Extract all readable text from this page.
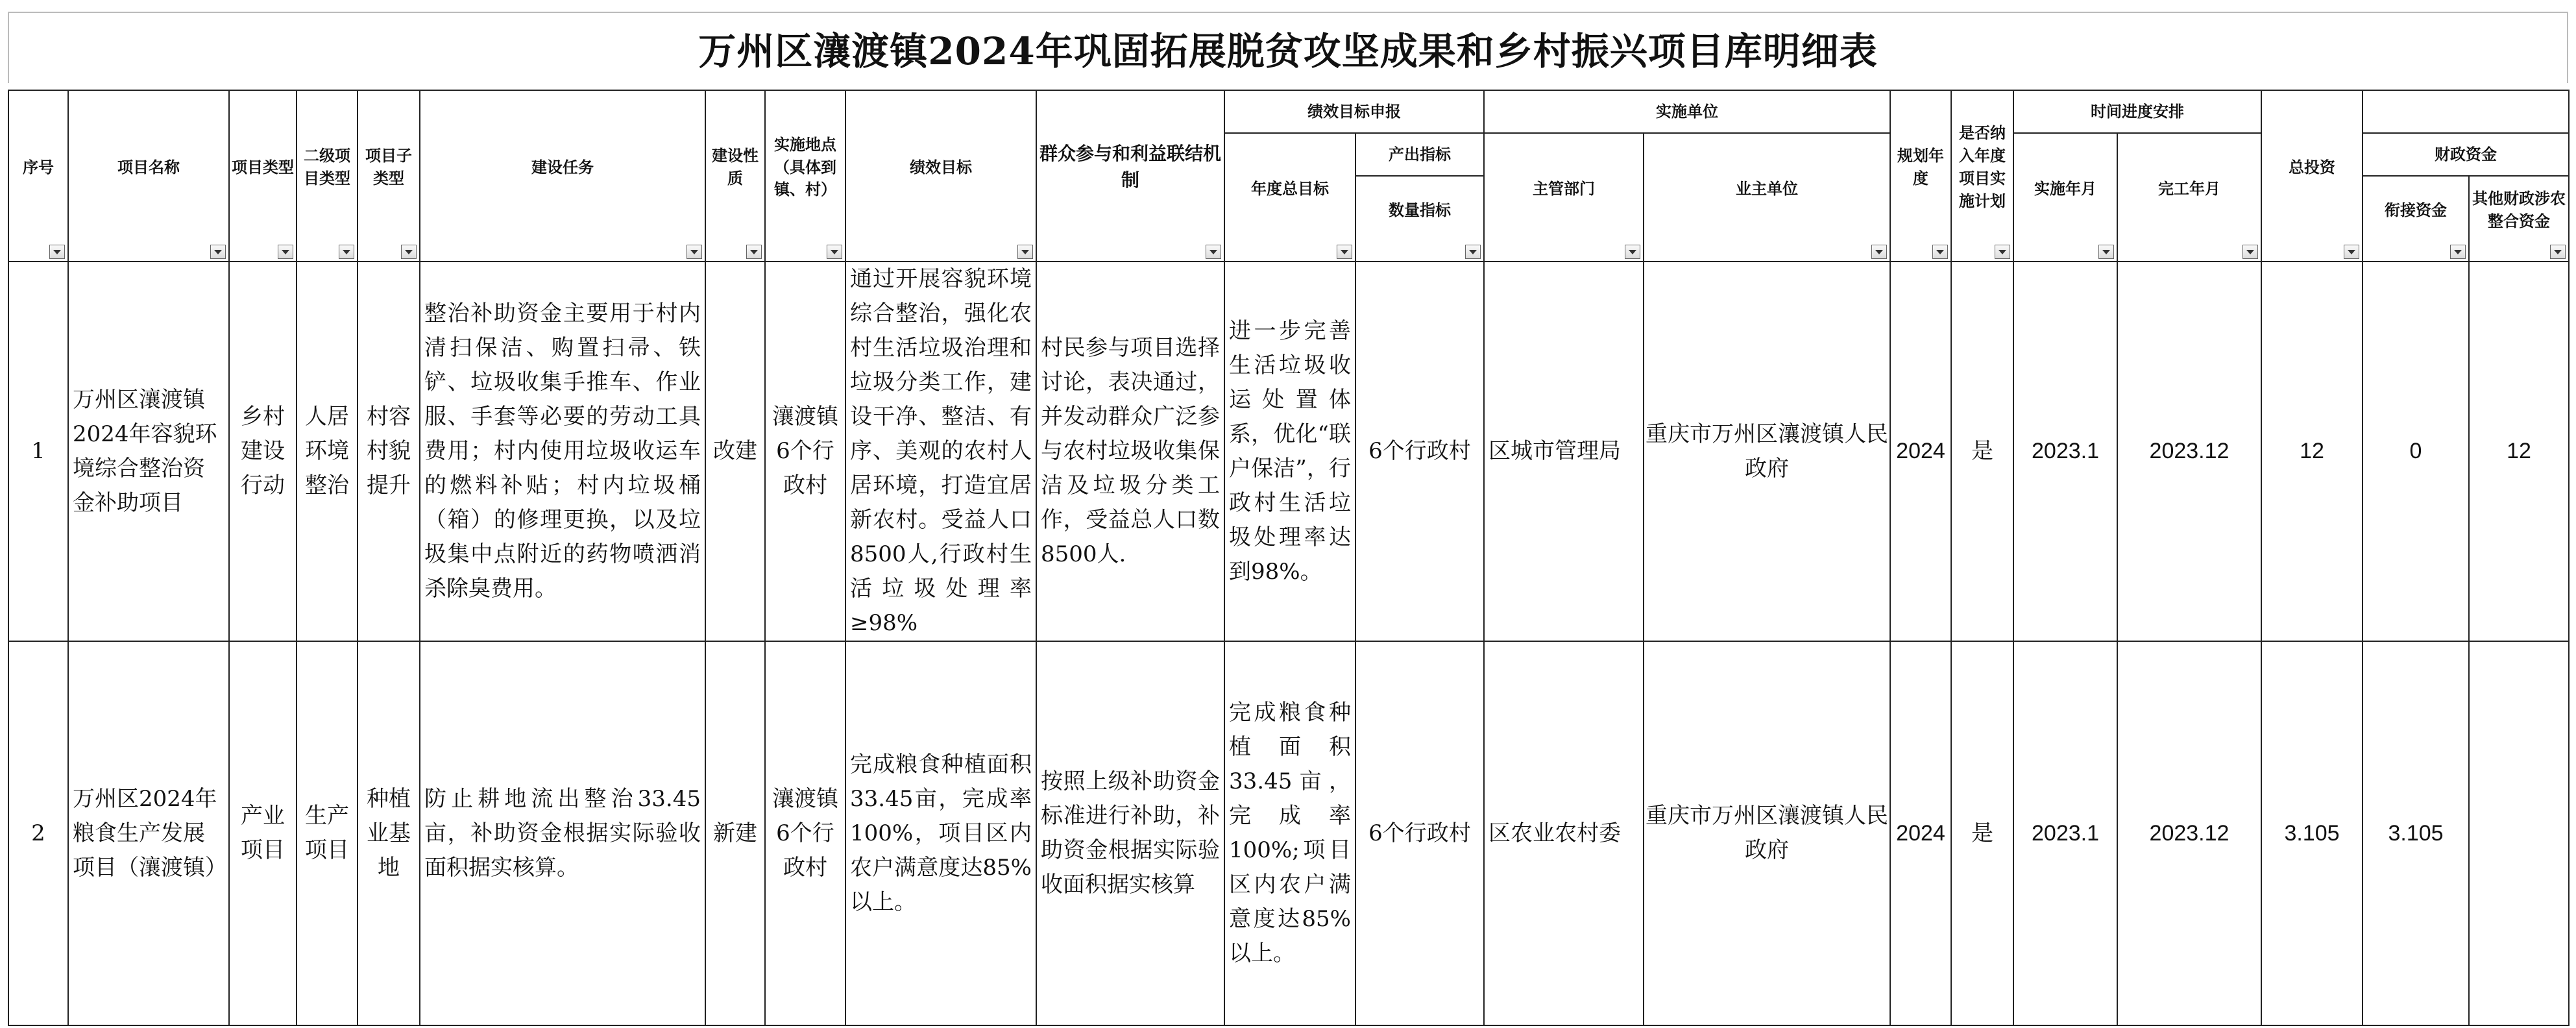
万州区瀼渡镇2024年巩固拓展脱贫攻坚成果和乡村振兴项目库明细表
序号	项目名称	项目类型	二级项目类型	项目子类型	建设任务	建设性质	实施地点（具体到镇、村）	绩效目标	群众参与和利益联结机制	绩效目标申报		实施单位		规划年度	是否纳入年度项目实施计划	时间进度安排		总投资	

										年度总目标	产出指标	主管部门	业主单位			实施年月	完工年月		财政资金	
											数量指标								衔接资金	其他财政涉农整合资金

1	万州区瀼渡镇2024年容貌环境综合整治资金补助项目	乡村建设行动	人居环境整治	村容村貌提升	整治补助资金主要用于村内清扫保洁、购置扫帚、铁铲、垃圾收集手推车、作业服、手套等必要的劳动工具费用；村内使用垃圾收运车的燃料补贴；村内垃圾桶（箱）的修理更换，以及垃圾集中点附近的药物喷洒消杀除臭费用。	改建	瀼渡镇6个行政村	通过开展容貌环境综合整治，强化农村生活垃圾治理和垃圾分类工作，建设干净、整洁、有序、美观的农村人居环境，打造宜居新农村。受益人口8500人,行政村生活垃圾处理率≥98%	村民参与项目选择讨论，表决通过，并发动群众广泛参与农村垃圾收集保洁及垃圾分类工作，受益总人口数8500人.	进一步完善生活垃圾收运处置体系，优化“联户保洁”，行政村生活垃圾处理率达到98%。	6个行政村	区城市管理局	重庆市万州区瀼渡镇人民政府	2024	是	2023.1	2023.12	12	0	12
2	万州区2024年粮食生产发展项目（瀼渡镇）	产业项目	生产项目	种植业基地	防止耕地流出整治33.45亩，补助资金根据实际验收面积据实核算。	新建	瀼渡镇6个行政村	完成粮食种植面积33.45亩，完成率100%，项目区内农户满意度达85%以上。	按照上级补助资金标准进行补助，补助资金根据实际验收面积据实核算	完成粮食种植面积33.45亩，完成率100%;项目区内农户满意度达85%以上。	6个行政村	区农业农村委	重庆市万州区瀼渡镇人民政府	2024	是	2023.1	2023.12	3.105	3.105	
